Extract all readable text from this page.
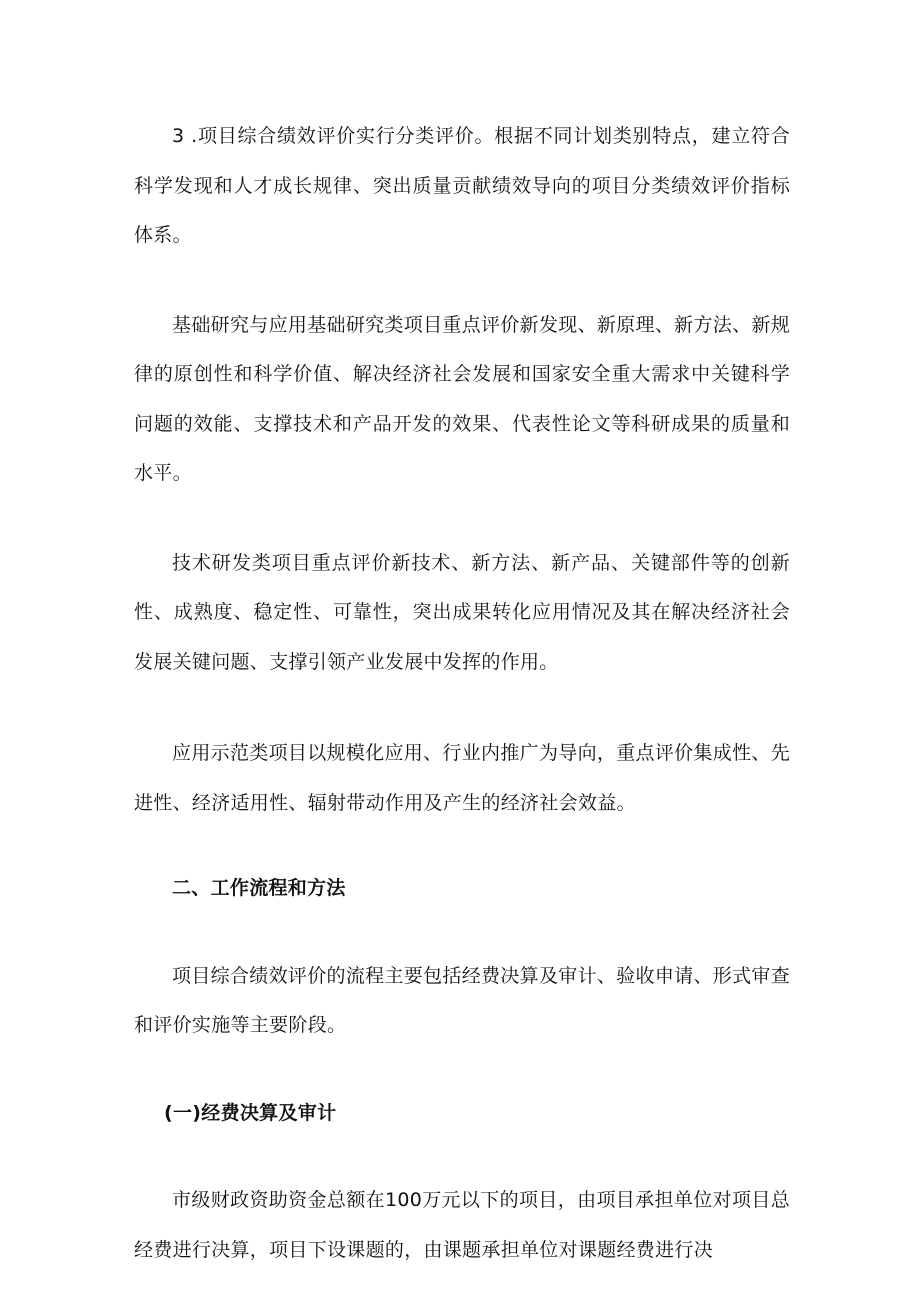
3 .项目综合绩效评价实行分类评价。根据不同计划类别特点，建立符合科学发现和人才成长规律、突出质量贡献绩效导向的项目分类绩效评价指标体系。

基础研究与应用基础研究类项目重点评价新发现、新原理、新方法、新规律的原创性和科学价值、解决经济社会发展和国家安全重大需求中关键科学问题的效能、支撑技术和产品开发的效果、代表性论文等科研成果的质量和水平。

技术研发类项目重点评价新技术、新方法、新产品、关键部件等的创新性、成熟度、稳定性、可靠性，突出成果转化应用情况及其在解决经济社会发展关键问题、支撑引领产业发展中发挥的作用。

应用示范类项目以规模化应用、行业内推广为导向，重点评价集成性、先进性、经济适用性、辐射带动作用及产生的经济社会效益。

二、工作流程和方法

项目综合绩效评价的流程主要包括经费决算及审计、验收申请、形式审查和评价实施等主要阶段。

(一)经费决算及审计

市级财政资助资金总额在100万元以下的项目，由项目承担单位对项目总经费进行决算，项目下设课题的，由课题承担单位对课题经费进行决
